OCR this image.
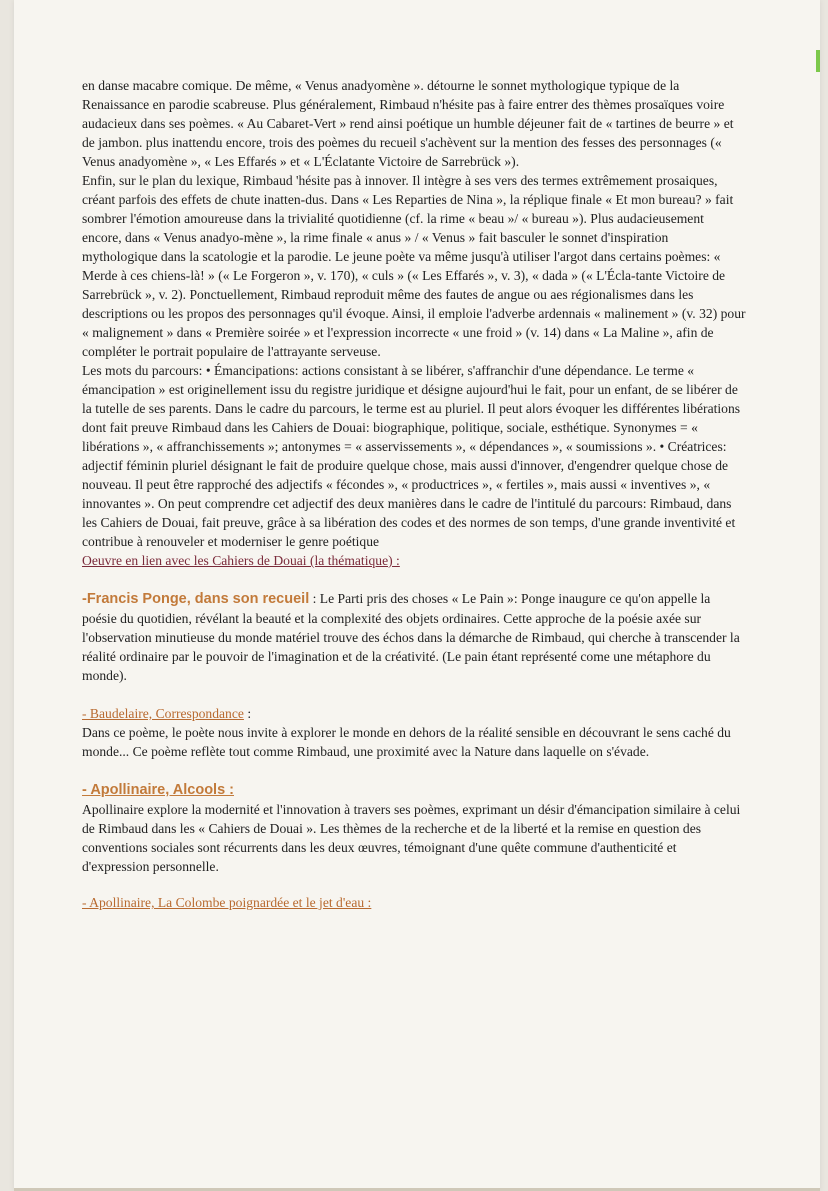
en danse macabre comique. De même, « Venus anadyomène ». détourne le sonnet mythologique typique de la Renaissance en parodie scabreuse. Plus généralement, Rimbaud n'hésite pas à faire entrer des thèmes prosaïques voire audacieux dans ses poèmes. « Au Cabaret-Vert » rend ainsi poétique un humble déjeuner fait de « tartines de beurre » et de jambon. plus inattendu encore, trois des poèmes du recueil s'achèvent sur la mention des fesses des personnages (« Venus anadyomène », « Les Effarés » et « L'Éclatante Victoire de Sarrebrück »).

Enfin, sur le plan du lexique, Rimbaud 'hésite pas à innover. Il intègre à ses vers des termes extrêmement prosaiques, créant parfois des effets de chute inatten-dus. Dans « Les Reparties de Nina », la réplique finale « Et mon bureau? » fait sombrer l'émotion amoureuse dans la trivialité quotidienne (cf. la rime « beau »/ « bureau »). Plus audacieusement encore, dans « Venus anadyo-mène », la rime finale « anus » / « Venus » fait basculer le sonnet d'inspiration mythologique dans la scatologie et la parodie. Le jeune poète va même jusqu'à utiliser l'argot dans certains poèmes: « Merde à ces chiens-là! » (« Le Forgeron », v. 170), « culs » (« Les Effarés », v. 3), « dada » (« L'Écla-tante Victoire de Sarrebrück », v. 2). Ponctuellement, Rimbaud reproduit même des fautes de angue ou aes régionalismes dans les descriptions ou les propos des personnages qu'il évoque. Ainsi, il emploie l'adverbe ardennais « malinement » (v. 32) pour « malignement » dans « Première soirée » et l'expression incorrecte « une froid » (v. 14) dans « La Maline », afin de compléter le portrait populaire de l'attrayante serveuse.

Les mots du parcours: • Émancipations: actions consistant à se libérer, s'affranchir d'une dépendance. Le terme « émancipation » est originellement issu du registre juridique et désigne aujourd'hui le fait, pour un enfant, de se libérer de la tutelle de ses parents. Dans le cadre du parcours, le terme est au pluriel. Il peut alors évoquer les différentes libérations dont fait preuve Rimbaud dans les Cahiers de Douai: biographique, politique, sociale, esthétique. Synonymes = « libérations », « affranchissements »; antonymes = « asservissements », « dépendances », « soumissions ». • Créatrices: adjectif féminin pluriel désignant le fait de produire quelque chose, mais aussi d'innover, d'engendrer quelque chose de nouveau. Il peut être rapproché des adjectifs « fécondes », « productrices », « fertiles », mais aussi « inventives », « innovantes ». On peut comprendre cet adjectif des deux manières dans le cadre de l'intitulé du parcours: Rimbaud, dans les Cahiers de Douai, fait preuve, grâce à sa libération des codes et des normes de son temps, d'une grande inventivité et contribue à renouveler et moderniser le genre poétique

Oeuvre en lien avec les Cahiers de Douai (la thématique) :

-Francis Ponge, dans son recueil : Le Parti pris des choses « Le Pain »: Ponge inaugure ce qu'on appelle la poésie du quotidien, révélant la beauté et la complexité des objets ordinaires. Cette approche de la poésie axée sur l'observation minutieuse du monde matériel trouve des échos dans la démarche de Rimbaud, qui cherche à transcender la réalité ordinaire par le pouvoir de l'imagination et de la créativité. (Le pain étant représenté come une métaphore du monde).

- Baudelaire, Correspondance :

Dans ce poème, le poète nous invite à explorer le monde en dehors de la réalité sensible en découvrant le sens caché du monde... Ce poème reflète tout comme Rimbaud, une proximité avec la Nature dans laquelle on s'évade.

- Apollinaire, Alcools :

Apollinaire explore la modernité et l'innovation à travers ses poèmes, exprimant un désir d'émancipation similaire à celui de Rimbaud dans les « Cahiers de Douai ». Les thèmes de la recherche et de la liberté et la remise en question des conventions sociales sont récurrents dans les deux œuvres, témoignant d'une quête commune d'authenticité et d'expression personnelle.

- Apollinaire, La Colombe poignardée et le jet d'eau :
